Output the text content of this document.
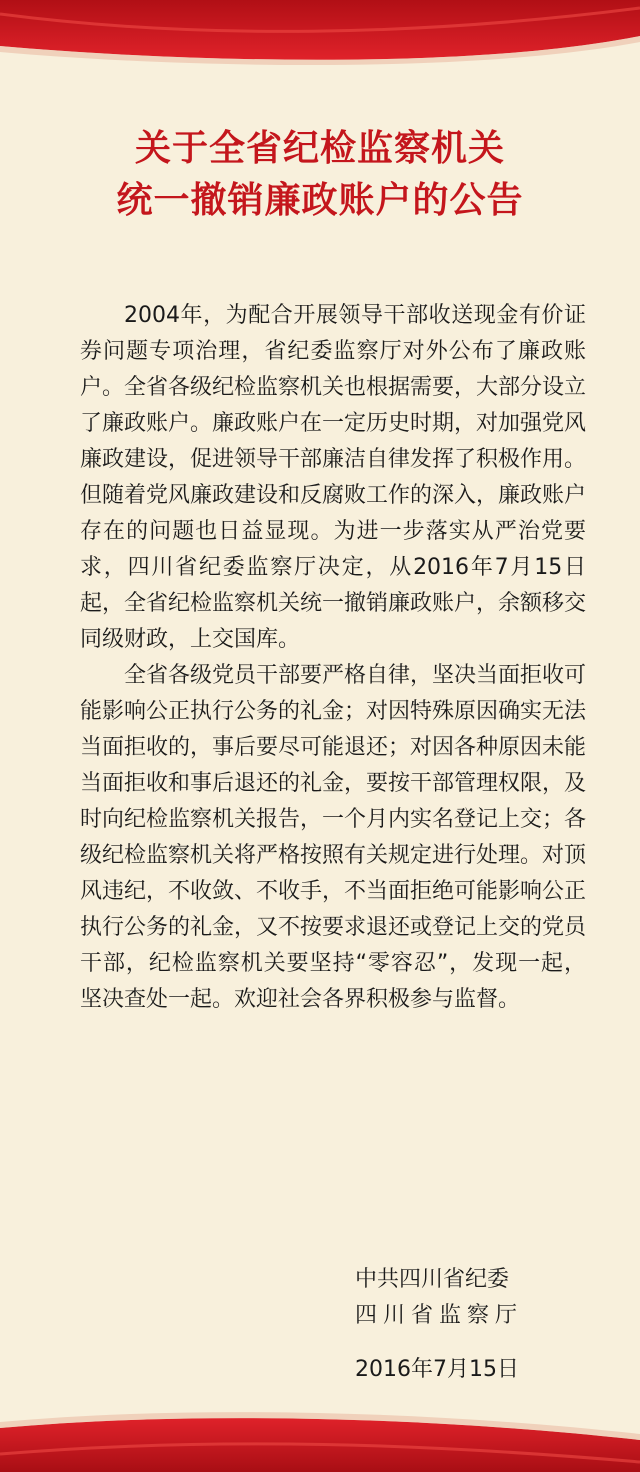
关于全省纪检监察机关
统一撤销廉政账户的公告

2004年，为配合开展领导干部收送现金有价证券问题专项治理，省纪委监察厅对外公布了廉政账户。全省各级纪检监察机关也根据需要，大部分设立了廉政账户。廉政账户在一定历史时期，对加强党风廉政建设，促进领导干部廉洁自律发挥了积极作用。但随着党风廉政建设和反腐败工作的深入，廉政账户存在的问题也日益显现。为进一步落实从严治党要求，四川省纪委监察厅决定，从2016年7月15日起，全省纪检监察机关统一撤销廉政账户，余额移交同级财政，上交国库。

全省各级党员干部要严格自律，坚决当面拒收可能影响公正执行公务的礼金；对因特殊原因确实无法当面拒收的，事后要尽可能退还；对因各种原因未能当面拒收和事后退还的礼金，要按干部管理权限，及时向纪检监察机关报告，一个月内实名登记上交；各级纪检监察机关将严格按照有关规定进行处理。对顶风违纪，不收敛、不收手，不当面拒绝可能影响公正执行公务的礼金，又不按要求退还或登记上交的党员干部，纪检监察机关要坚持“零容忍”，发现一起，坚决查处一起。欢迎社会各界积极参与监督。

中共四川省纪委
四川省监察厅
2016年7月15日
